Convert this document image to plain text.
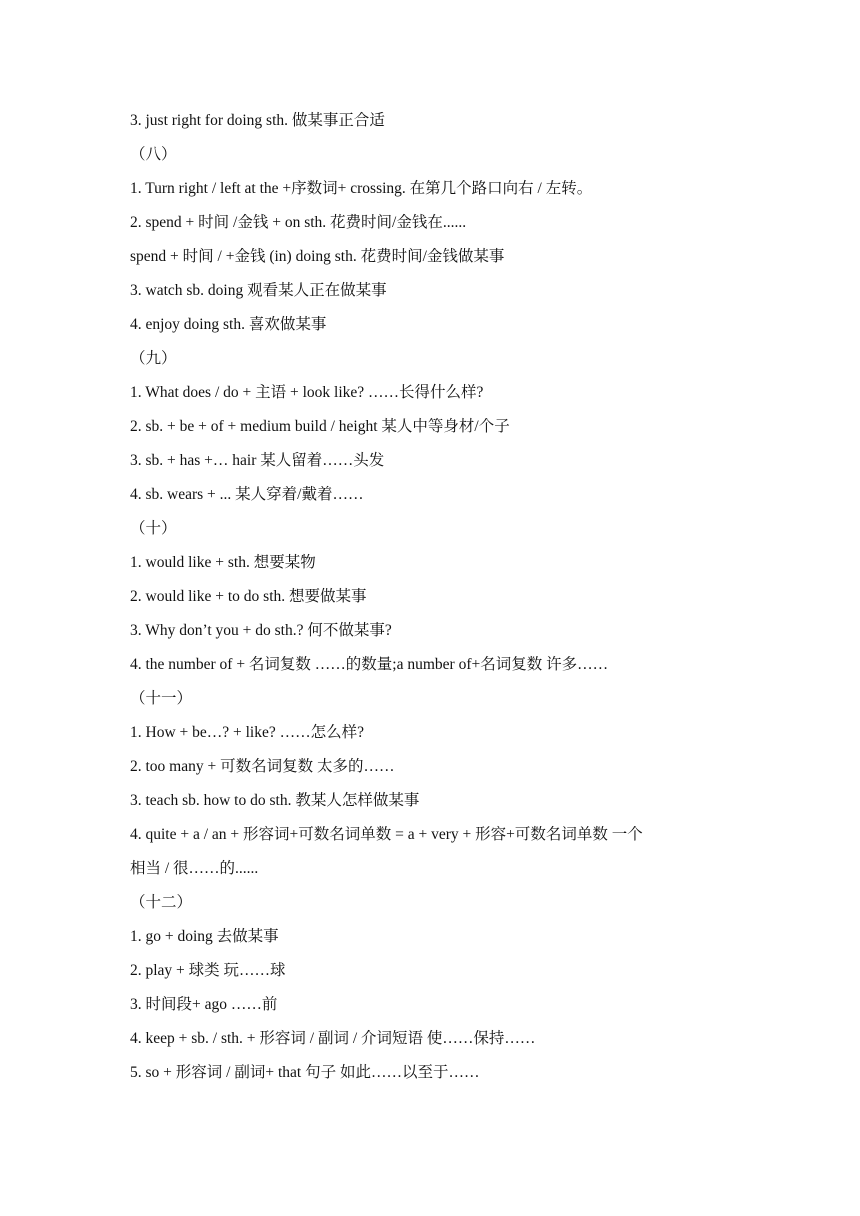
3. just right for doing sth. 做某事正合适
（八）
1. Turn right / left at the +序数词+ crossing. 在第几个路口向右 / 左转。
2. spend + 时间 /金钱 + on sth. 花费时间/金钱在......
spend + 时间 / +金钱 (in) doing sth. 花费时间/金钱做某事
3. watch sb. doing 观看某人正在做某事
4. enjoy doing sth. 喜欢做某事
（九）
1. What does / do + 主语 + look like? ……长得什么样?
2. sb. + be + of + medium build / height 某人中等身材/个子
3. sb. + has +… hair 某人留着……头发
4. sb. wears + ... 某人穿着/戴着……
（十）
1. would like + sth. 想要某物
2. would like + to do sth. 想要做某事
3. Why don’t you + do sth.? 何不做某事?
4. the number of + 名词复数 ……的数量;a number of+名词复数 许多……
（十一）
1. How + be…? + like? ……怎么样?
2. too many + 可数名词复数 太多的……
3. teach sb. how to do sth. 教某人怎样做某事
4. quite + a / an + 形容词+可数名词单数 = a + very + 形容+可数名词单数 一个
相当 / 很……的......
（十二）
1. go + doing 去做某事
2. play + 球类 玩……球
3. 时间段+ ago ……前
4. keep + sb. / sth. + 形容词 / 副词 / 介词短语 使……保持……
5. so + 形容词 / 副词+ that 句子 如此……以至于……
